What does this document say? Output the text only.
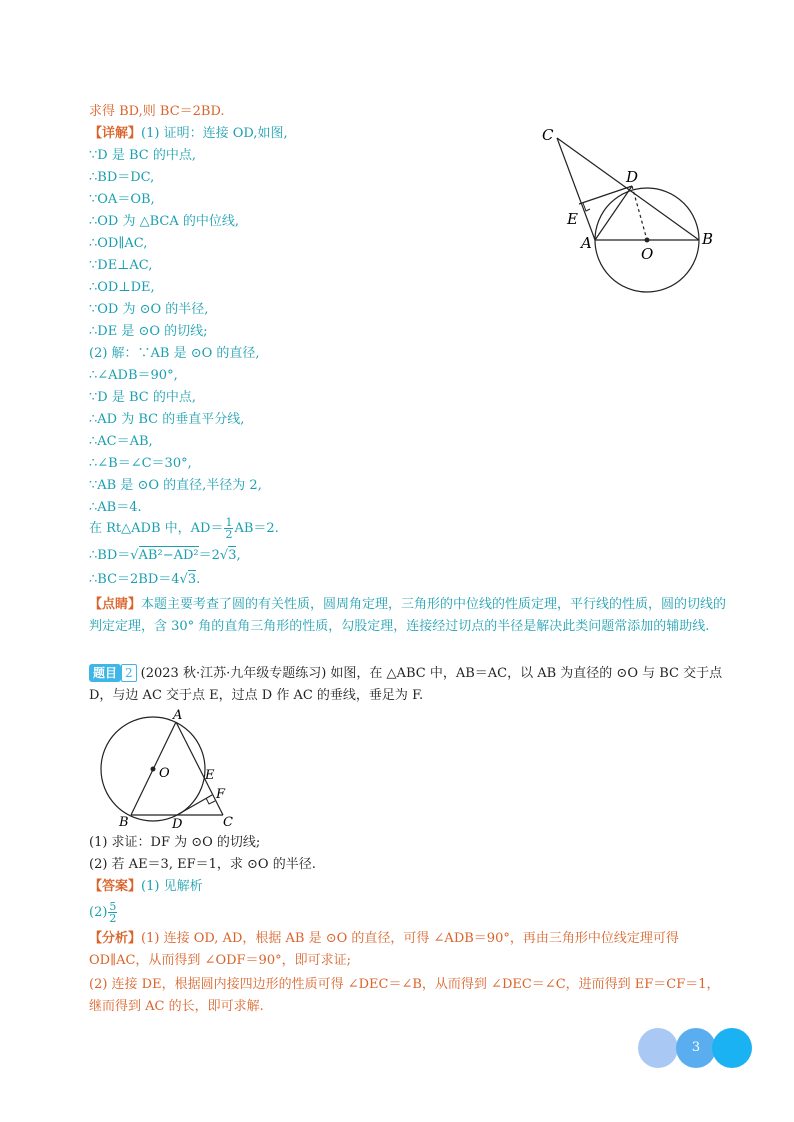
求得 BD,则 BC＝2BD.
【详解】(1) 证明：连接 OD,如图,
∵D 是 BC 的中点,
∴BD＝DC,
∵OA＝OB,
∴OD 为 △BCA 的中位线,
∴OD∥AC,
∵DE⊥AC,
∴OD⊥DE,
∵OD 为 ⊙O 的半径,
∴DE 是 ⊙O 的切线;
(2) 解：∵AB 是 ⊙O 的直径,
∴∠ADB＝90°,
∵D 是 BC 的中点,
∴AD 为 BC 的垂直平分线,
∴AC＝AB,
∴∠B＝∠C＝30°,
∵AB 是 ⊙O 的直径,半径为 2,
∴AB＝4.
在 Rt△ADB 中，$AD= \frac{1}{2} AB=2$.
∴BD＝√AB²−AD²＝2√3,
∴BC＝2BD＝4√3.
【点睛】本题主要考查了圆的有关性质，圆周角定理，三角形的中位线的性质定理，平行线的性质，圆的切线的判定定理，含 30° 角的直角三角形的性质，勾股定理，连接经过切点的半径是解决此类问题常添加的辅助线.
C
D
E
A
O
B
题目 2 (2023 秋·江苏·九年级专题练习) 如图，在 △ABC 中，AB＝AC，以 AB 为直径的 ⊙O 与 BC 交于点 D，与边 AC 交于点 E，过点 D 作 AC 的垂线，垂足为 F.
A
O	E
F
B	D	C
(1) 求证：DF 为 ⊙O 的切线;
(2) 若 AE＝3, EF＝1，求 ⊙O 的半径.
【答案】(1) 见解析
$(2) \frac{5}{2}$
【分析】(1) 连接 OD, AD，根据 AB 是 ⊙O 的直径，可得 ∠ADB＝90°，再由三角形中位线定理可得 OD∥AC，从而得到 ∠ODF＝90°，即可求证;
(2) 连接 DE，根据圆内接四边形的性质可得 ∠DEC＝∠B，从而得到 ∠DEC＝∠C，进而得到 EF＝CF＝1，继而得到 AC 的长，即可求解.
3
